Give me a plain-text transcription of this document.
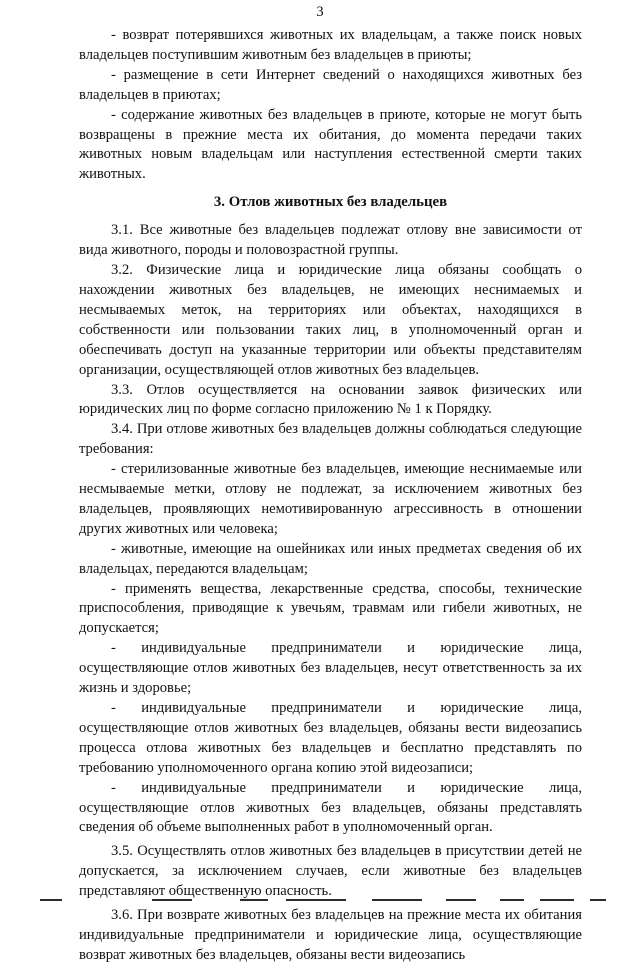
3

- возврат потерявшихся животных их владельцам, а также поиск новых владельцев поступившим животным без владельцев в приюты;

- размещение в сети Интернет сведений о находящихся животных без владельцев в приютах;

- содержание животных без владельцев в приюте, которые не могут быть возвращены в прежние места их обитания, до момента передачи таких животных новым владельцам или наступления естественной смерти таких животных.

3. Отлов животных без владельцев

3.1. Все животные без владельцев подлежат отлову вне зависимости от вида животного, породы и половозрастной группы.

3.2. Физические лица и юридические лица обязаны сообщать о нахождении животных без владельцев, не имеющих неснимаемых и несмываемых меток, на территориях или объектах, находящихся в собственности или пользовании таких лиц, в уполномоченный орган и обеспечивать доступ на указанные территории или объекты представителям организации, осуществляющей отлов животных без владельцев.

3.3. Отлов осуществляется на основании заявок физических или юридических лиц по форме согласно приложению № 1 к Порядку.

3.4. При отлове животных без владельцев должны соблюдаться следующие требования:

- стерилизованные животные без владельцев, имеющие неснимаемые или несмываемые метки, отлову не подлежат, за исключением животных без владельцев, проявляющих немотивированную агрессивность в отношении других животных или человека;

- животные, имеющие на ошейниках или иных предметах сведения об их владельцах, передаются владельцам;

- применять вещества, лекарственные средства, способы, технические приспособления, приводящие к увечьям, травмам или гибели животных, не допускается;

- индивидуальные предприниматели и юридические лица, осуществляющие отлов животных без владельцев, несут ответственность за их жизнь и здоровье;

- индивидуальные предприниматели и юридические лица, осуществляющие отлов животных без владельцев, обязаны вести видеозапись процесса отлова животных без владельцев и бесплатно представлять по требованию уполномоченного органа копию этой видеозаписи;

- индивидуальные предприниматели и юридические лица, осуществляющие отлов животных без владельцев, обязаны представлять сведения об объеме выполненных работ в уполномоченный орган.

3.5. Осуществлять отлов животных без владельцев в присутствии детей не допускается, за исключением случаев, если животные без владельцев представляют общественную опасность.

3.6. При возврате животных без владельцев на прежние места их обитания индивидуальные предприниматели и юридические лица, осуществляющие возврат животных без владельцев, обязаны вести видеозапись
